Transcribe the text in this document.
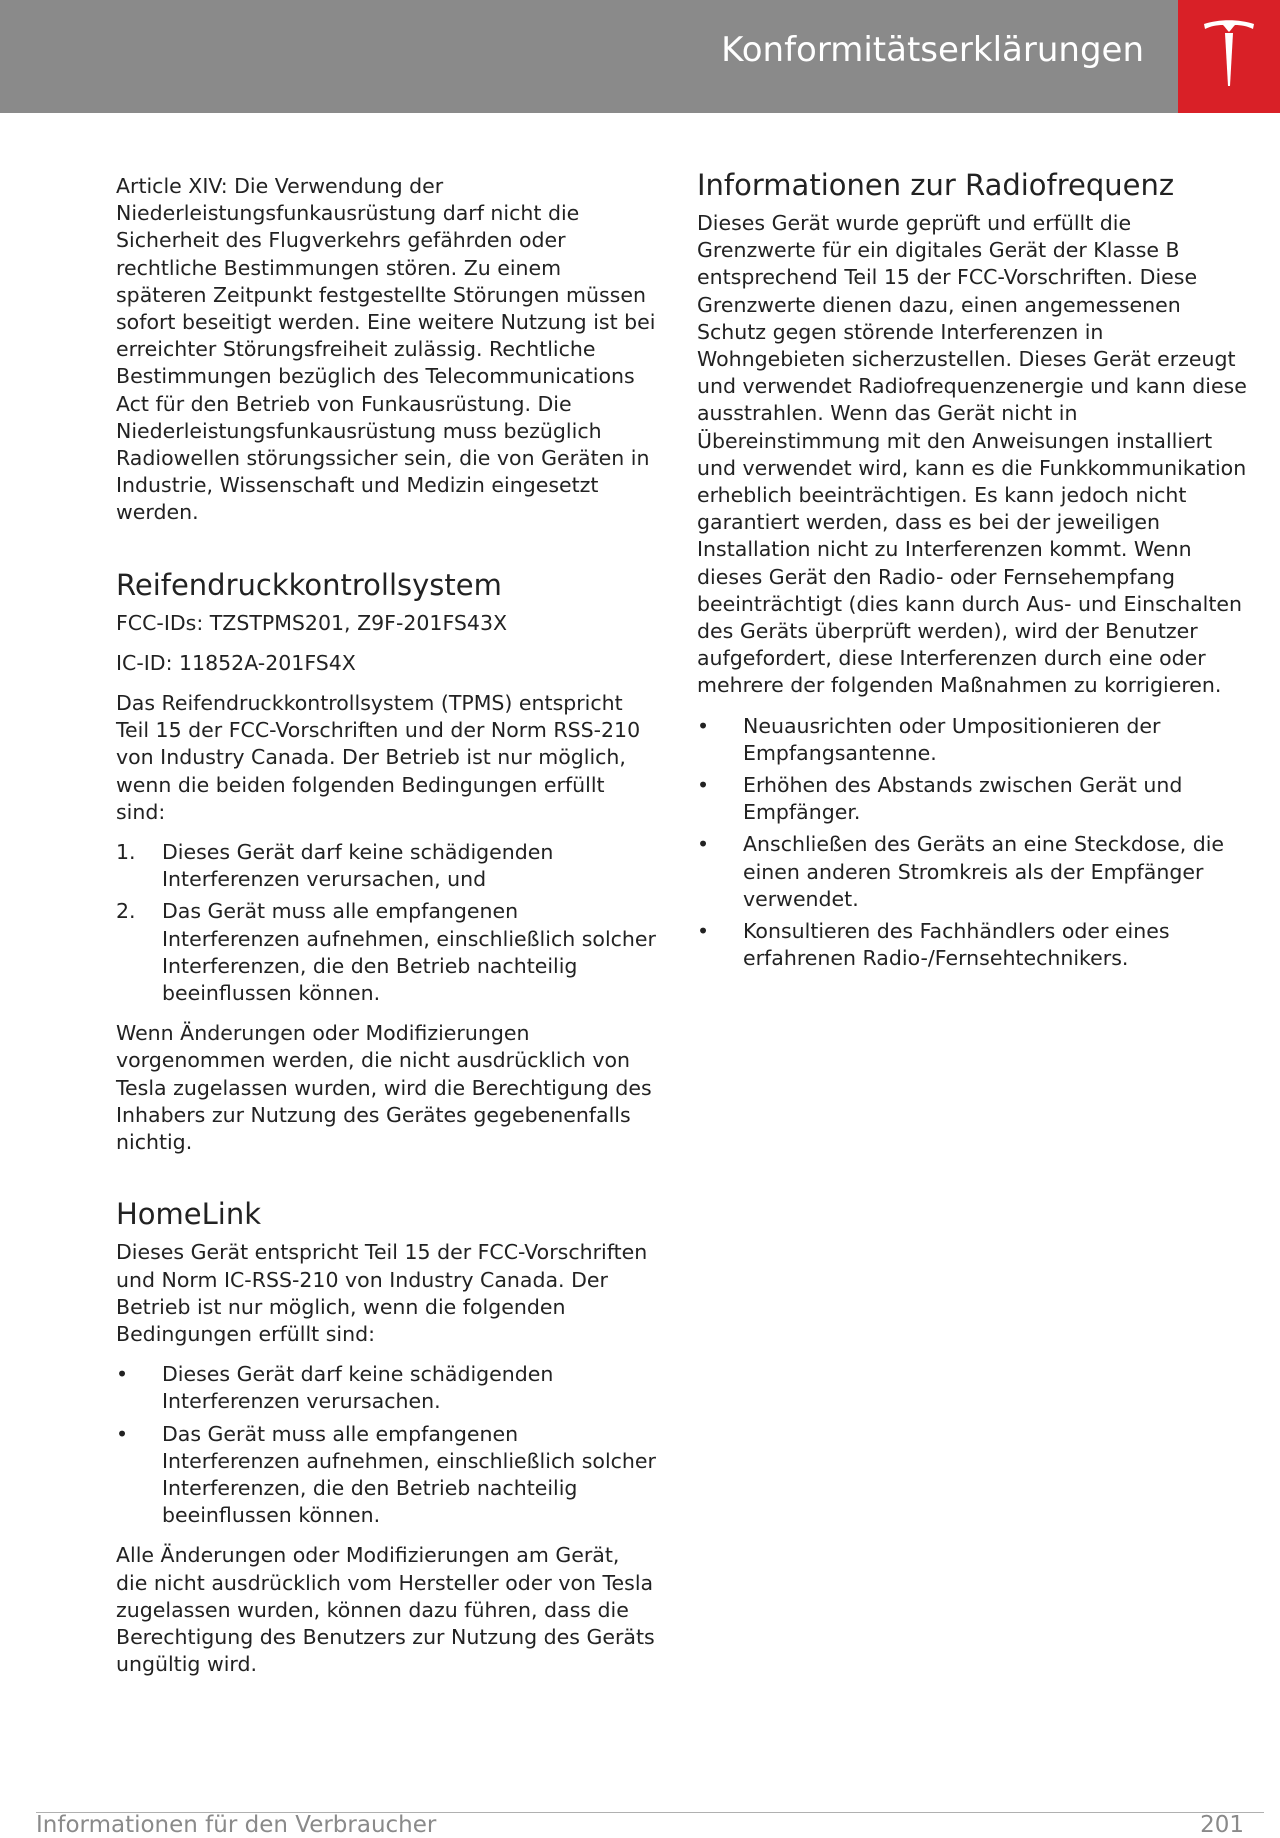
Konformitätserklärungen

Article XIV: Die Verwendung der Niederleistungsfunkausrüstung darf nicht die Sicherheit des Flugverkehrs gefährden oder rechtliche Bestimmungen stören. Zu einem späteren Zeitpunkt festgestellte Störungen müssen sofort beseitigt werden. Eine weitere Nutzung ist bei erreichter Störungsfreiheit zulässig. Rechtliche Bestimmungen bezüglich des Telecommunications Act für den Betrieb von Funkausrüstung. Die Niederleistungsfunkausrüstung muss bezüglich Radiowellen störungssicher sein, die von Geräten in Industrie, Wissenschaft und Medizin eingesetzt werden.

Reifendruckkontrollsystem

FCC-IDs: TZSTPMS201, Z9F-201FS43X

IC-ID: 11852A-201FS4X

Das Reifendruckkontrollsystem (TPMS) entspricht Teil 15 der FCC-Vorschriften und der Norm RSS-210 von Industry Canada. Der Betrieb ist nur möglich, wenn die beiden folgenden Bedingungen erfüllt sind:

1. Dieses Gerät darf keine schädigenden Interferenzen verursachen, und
2. Das Gerät muss alle empfangenen Interferenzen aufnehmen, einschließlich solcher Interferenzen, die den Betrieb nachteilig beeinflussen können.

Wenn Änderungen oder Modifizierungen vorgenommen werden, die nicht ausdrücklich von Tesla zugelassen wurden, wird die Berechtigung des Inhabers zur Nutzung des Gerätes gegebenenfalls nichtig.

HomeLink

Dieses Gerät entspricht Teil 15 der FCC-Vorschriften und Norm IC-RSS-210 von Industry Canada. Der Betrieb ist nur möglich, wenn die folgenden Bedingungen erfüllt sind:

• Dieses Gerät darf keine schädigenden Interferenzen verursachen.
• Das Gerät muss alle empfangenen Interferenzen aufnehmen, einschließlich solcher Interferenzen, die den Betrieb nachteilig beeinflussen können.

Alle Änderungen oder Modifizierungen am Gerät, die nicht ausdrücklich vom Hersteller oder von Tesla zugelassen wurden, können dazu führen, dass die Berechtigung des Benutzers zur Nutzung des Geräts ungültig wird.

Informationen zur Radiofrequenz

Dieses Gerät wurde geprüft und erfüllt die Grenzwerte für ein digitales Gerät der Klasse B entsprechend Teil 15 der FCC-Vorschriften. Diese Grenzwerte dienen dazu, einen angemessenen Schutz gegen störende Interferenzen in Wohngebieten sicherzustellen. Dieses Gerät erzeugt und verwendet Radiofrequenzenergie und kann diese ausstrahlen. Wenn das Gerät nicht in Übereinstimmung mit den Anweisungen installiert und verwendet wird, kann es die Funkkommunikation erheblich beeinträchtigen. Es kann jedoch nicht garantiert werden, dass es bei der jeweiligen Installation nicht zu Interferenzen kommt. Wenn dieses Gerät den Radio- oder Fernsehempfang beeinträchtigt (dies kann durch Aus- und Einschalten des Geräts überprüft werden), wird der Benutzer aufgefordert, diese Interferenzen durch eine oder mehrere der folgenden Maßnahmen zu korrigieren.

• Neuausrichten oder Umpositionieren der Empfangsantenne.
• Erhöhen des Abstands zwischen Gerät und Empfänger.
• Anschließen des Geräts an eine Steckdose, die einen anderen Stromkreis als der Empfänger verwendet.
• Konsultieren des Fachhändlers oder eines erfahrenen Radio-/Fernsehtechnikers.
Informationen für den Verbraucher	201
